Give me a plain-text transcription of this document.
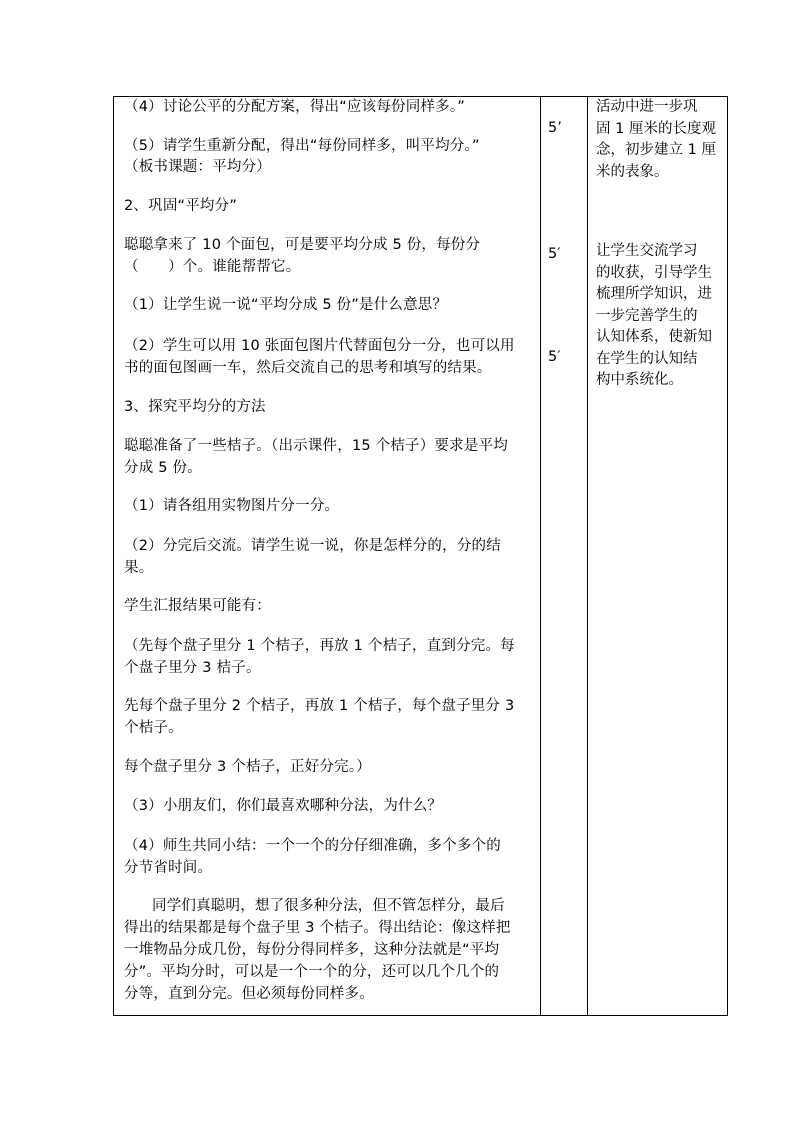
（4）讨论公平的分配方案，得出“应该每份同样多。”
（5）请学生重新分配，得出“每份同样多，叫平均分。”
（板书课题：平均分）
2、巩固“平均分”
聪聪拿来了 10 个面包，可是要平均分成 5 份，每份分
（　　）个。谁能帮帮它。
（1）让学生说一说“平均分成 5 份”是什么意思？
（2）学生可以用 10 张面包图片代替面包分一分，也可以用
书的面包图画一车，然后交流自己的思考和填写的结果。
3、探究平均分的方法
聪聪准备了一些桔子。（出示课件，15 个桔子）要求是平均
分成 5 份。
（1）请各组用实物图片分一分。
（2）分完后交流。请学生说一说，你是怎样分的，分的结
果。
学生汇报结果可能有：
（先每个盘子里分 1 个桔子，再放 1 个桔子，直到分完。每
个盘子里分 3 桔子。
先每个盘子里分 2 个桔子，再放 1 个桔子，每个盘子里分 3
个桔子。
每个盘子里分 3 个桔子，正好分完。）
（3）小朋友们，你们最喜欢哪种分法，为什么？
（4）师生共同小结：一个一个的分仔细准确，多个多个的
分节省时间。
同学们真聪明，想了很多种分法，但不管怎样分，最后
得出的结果都是每个盘子里 3 个桔子。得出结论：像这样把
一堆物品分成几份，每份分得同样多，这种分法就是“平均
分”。平均分时，可以是一个一个的分，还可以几个几个的
分等，直到分完。但必须每份同样多。
5’
5′
5′
活动中进一步巩
固 1 厘米的长度观
念，初步建立 1 厘
米的表象。
让学生交流学习
的收获，引导学生
梳理所学知识，进
一步完善学生的
认知体系，使新知
在学生的认知结
构中系统化。
